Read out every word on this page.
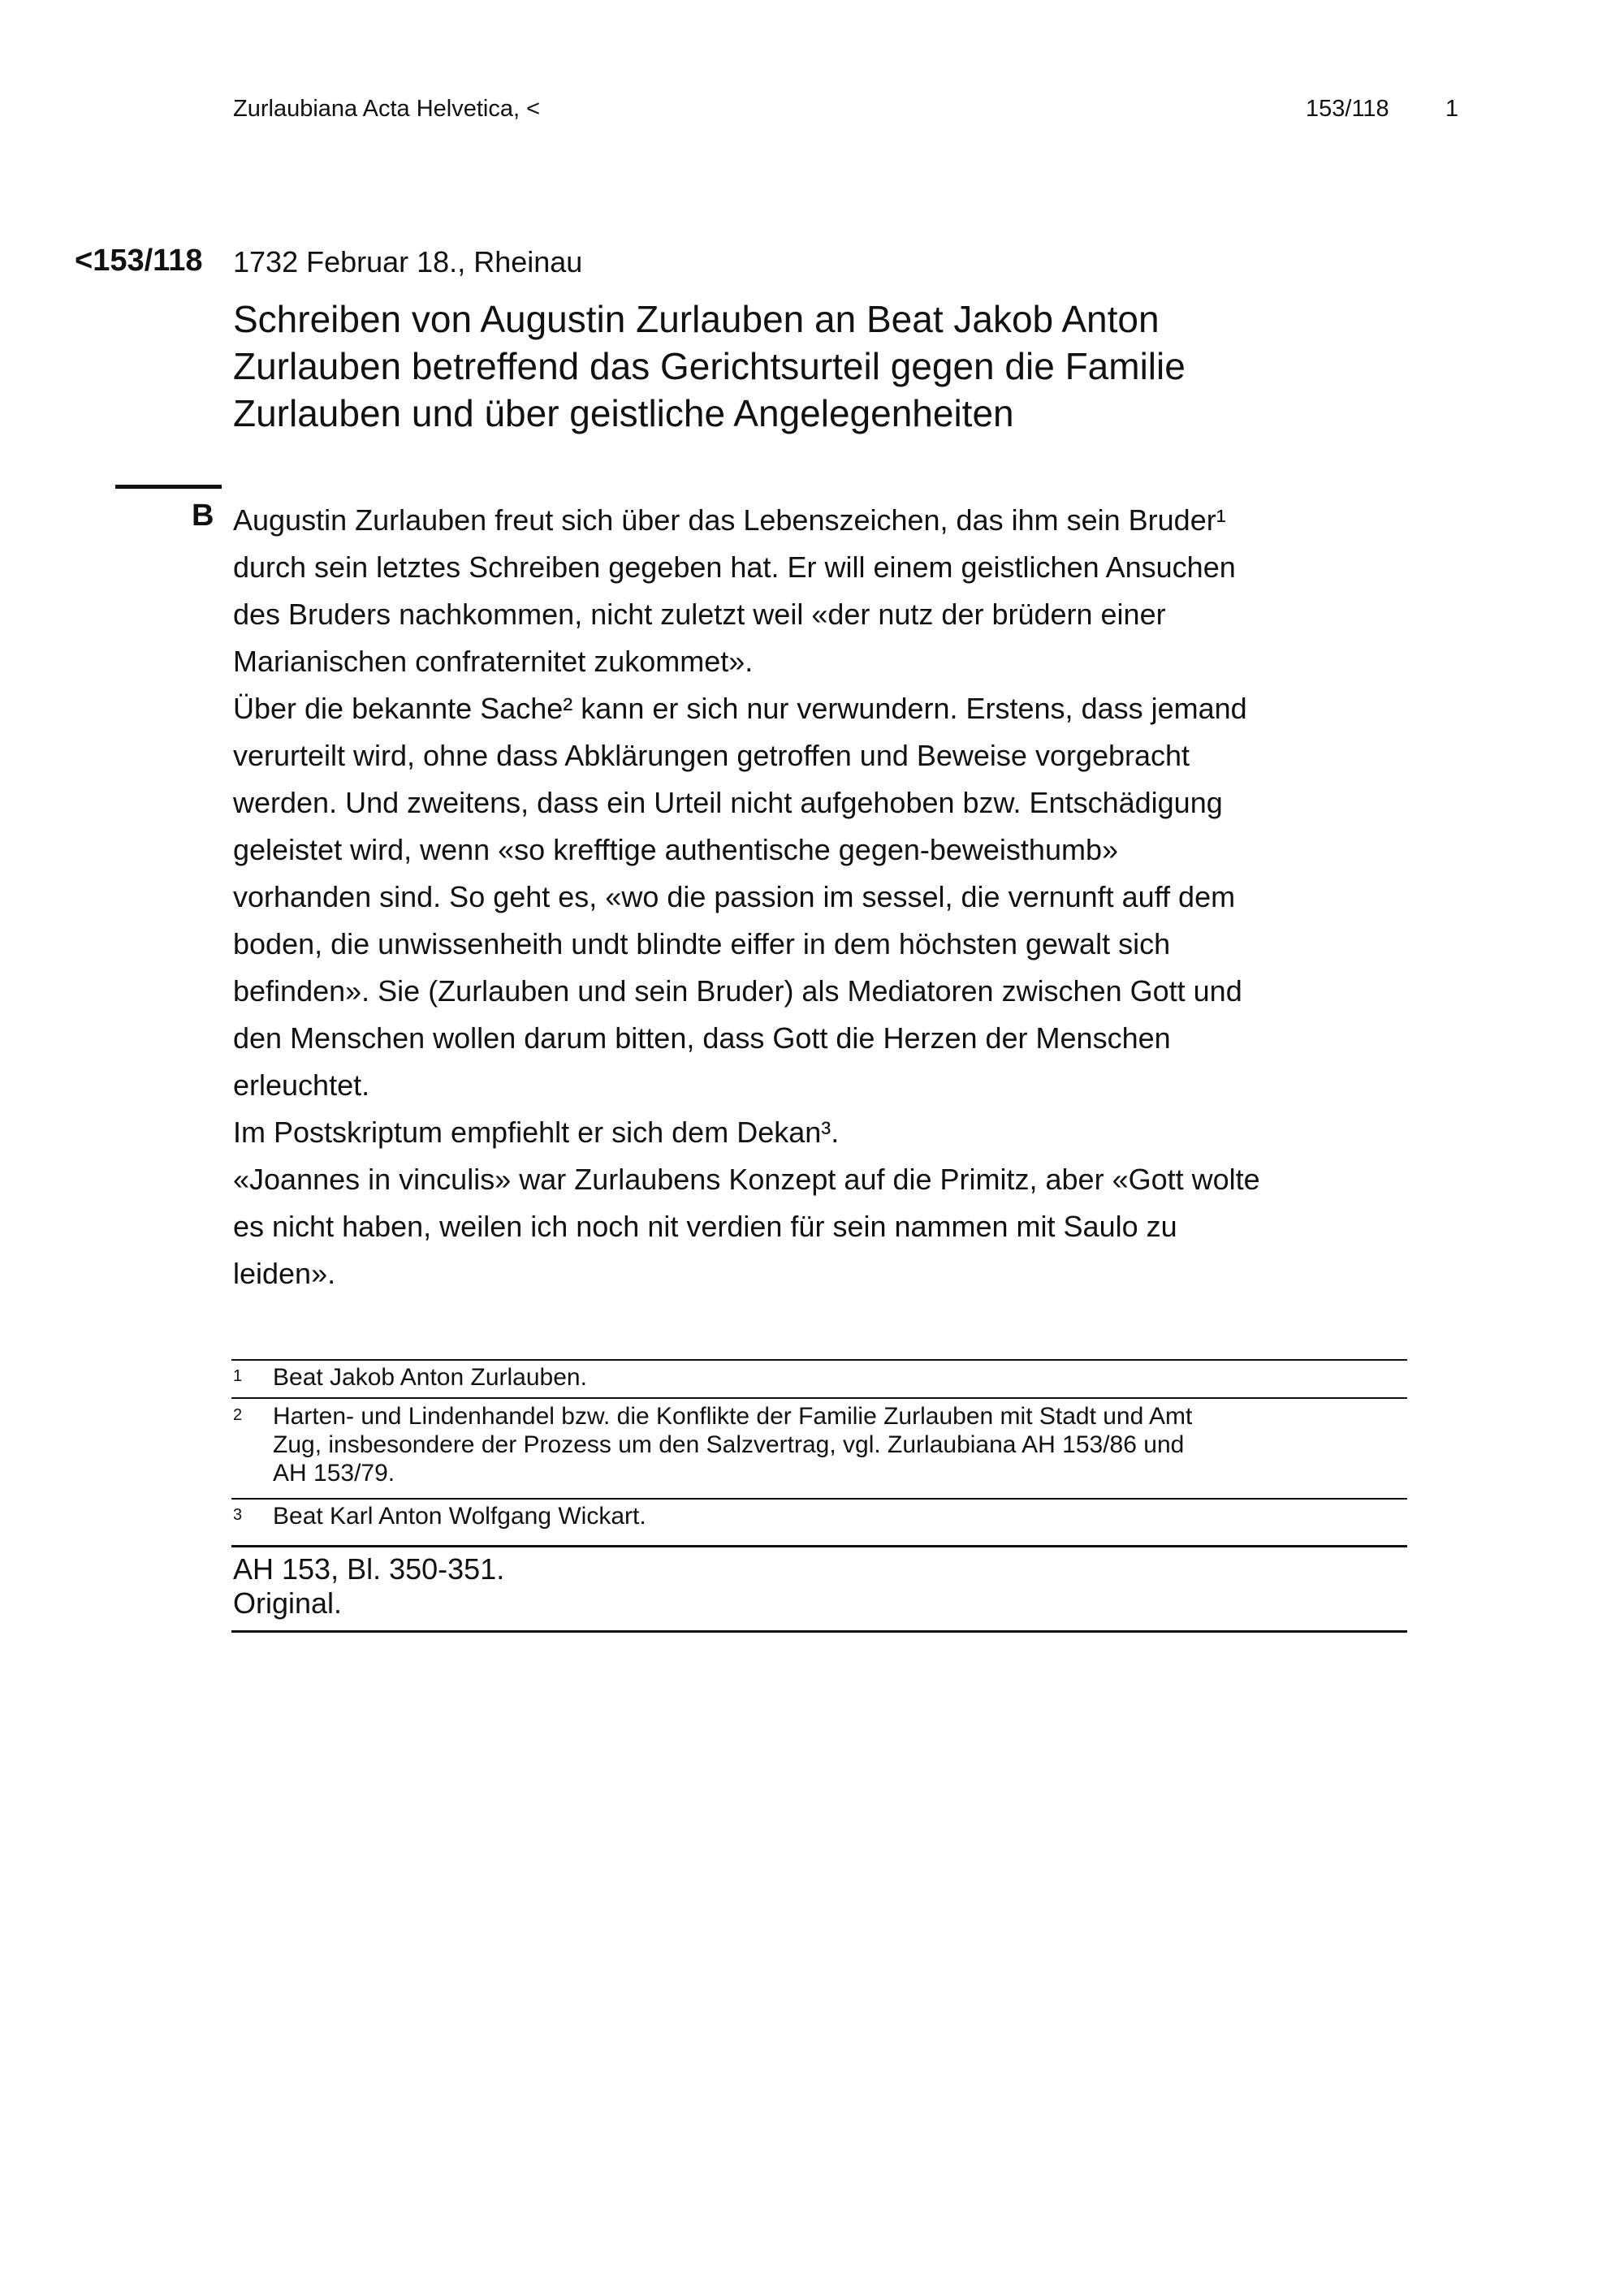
Zurlaubiana Acta Helvetica, <	153/118 1
<153/118 1732 Februar 18., Rheinau
Schreiben von Augustin Zurlauben an Beat Jakob Anton
Zurlauben betreffend das Gerichtsurteil gegen die Familie
Zurlauben und über geistliche Angelegenheiten
B Augustin Zurlauben freut sich über das Lebenszeichen, das ihm sein Bruder¹
durch sein letztes Schreiben gegeben hat. Er will einem geistlichen Ansuchen
des Bruders nachkommen, nicht zuletzt weil «der nutz der brüdern einer
Marianischen confraternitet zukommet».
Über die bekannte Sache² kann er sich nur verwundern. Erstens, dass jemand
verurteilt wird, ohne dass Abklärungen getroffen und Beweise vorgebracht
werden. Und zweitens, dass ein Urteil nicht aufgehoben bzw. Entschädigung
geleistet wird, wenn «so krefftige authentische gegen-beweisthumb»
vorhanden sind. So geht es, «wo die passion im sessel, die vernunft auff dem
boden, die unwissenheith undt blindte eiffer in dem höchsten gewalt sich
befinden». Sie (Zurlauben und sein Bruder) als Mediatoren zwischen Gott und
den Menschen wollen darum bitten, dass Gott die Herzen der Menschen
erleuchtet.
Im Postskriptum empfiehlt er sich dem Dekan³.
«Joannes in vinculis» war Zurlaubens Konzept auf die Primitz, aber «Gott wolte
es nicht haben, weilen ich noch nit verdien für sein nammen mit Saulo zu
leiden».
1 Beat Jakob Anton Zurlauben.
2 Harten- und Lindenhandel bzw. die Konflikte der Familie Zurlauben mit Stadt und Amt
Zug, insbesondere der Prozess um den Salzvertrag, vgl. Zurlaubiana AH 153/86 und
AH 153/79.
3 Beat Karl Anton Wolfgang Wickart.
AH 153, Bl. 350-351.
Original.
